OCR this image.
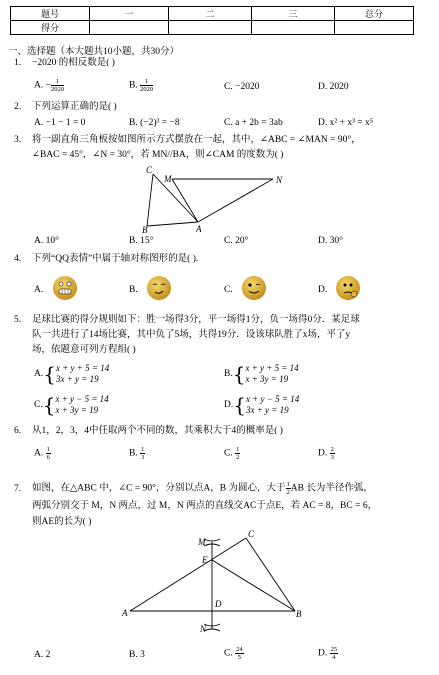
题号	一	二	三	总分
得分				
一、选择题（本大题共10小题，共30分）
1. −2020 的相反数是( )
A. − $\frac{1}{2020}$	B. $\frac{1}{2020}$	C. −2020	D. 2020
2. 下列运算正确的是( )
A. −1 − 1 = 0	B. (−2)³ = −8	C. a + 2b = 3ab	D. x² + x³ = x⁵
3. 将一副直角三角板按如图所示方式摆放在一起，其中，∠ABC = ∠MAN = 90°，
∠BAC = 45°，∠N = 30°，若 MN//BA，则∠CAM 的度数为( )
C
M	N
B	A
A. 10°	B. 15°	C. 20°	D. 30°
4. 下列“QQ表情”中属于轴对称图形的是( ).
A.	B.	C.	D.
5. 足球比赛的得分规则如下：胜一场得3分，平一场得1分，负一场得0分．某足球
队一共进行了14场比赛，其中负了5场，共得19分．设该球队胜了x场，平了y
场，依题意可列方程组( )
A.{x + y + 5 = 14
3x + y = 19	B.{x + y + 5 = 14
x + 3y = 19
C.{x + y − 5 = 14
x + 3y = 19	D.{x + y − 5 = 14
3x + y = 19
6. 从1，2，3，4中任取两个不同的数，其乘积大于4的概率是( )
A. $\frac{1}{6}$	B. $\frac{1}{3}$	C. $\frac{1}{2}$	D. $\frac{2}{3}$
7. 如图，在△ABC 中，∠C = 90°，分别以点A，B 为圆心，大于 $\frac{1}{2}$ AB 长为半径作弧，
两弧分别交于 M，N 两点，过 M，N 两点的直线交AC于点E，若 AC = 8，BC = 6，
则AE的长为( )
M
C
E
A
D
B
N
A. 2	B. 3	C. $\frac{24}{5}$	D. $\frac{25}{4}$
